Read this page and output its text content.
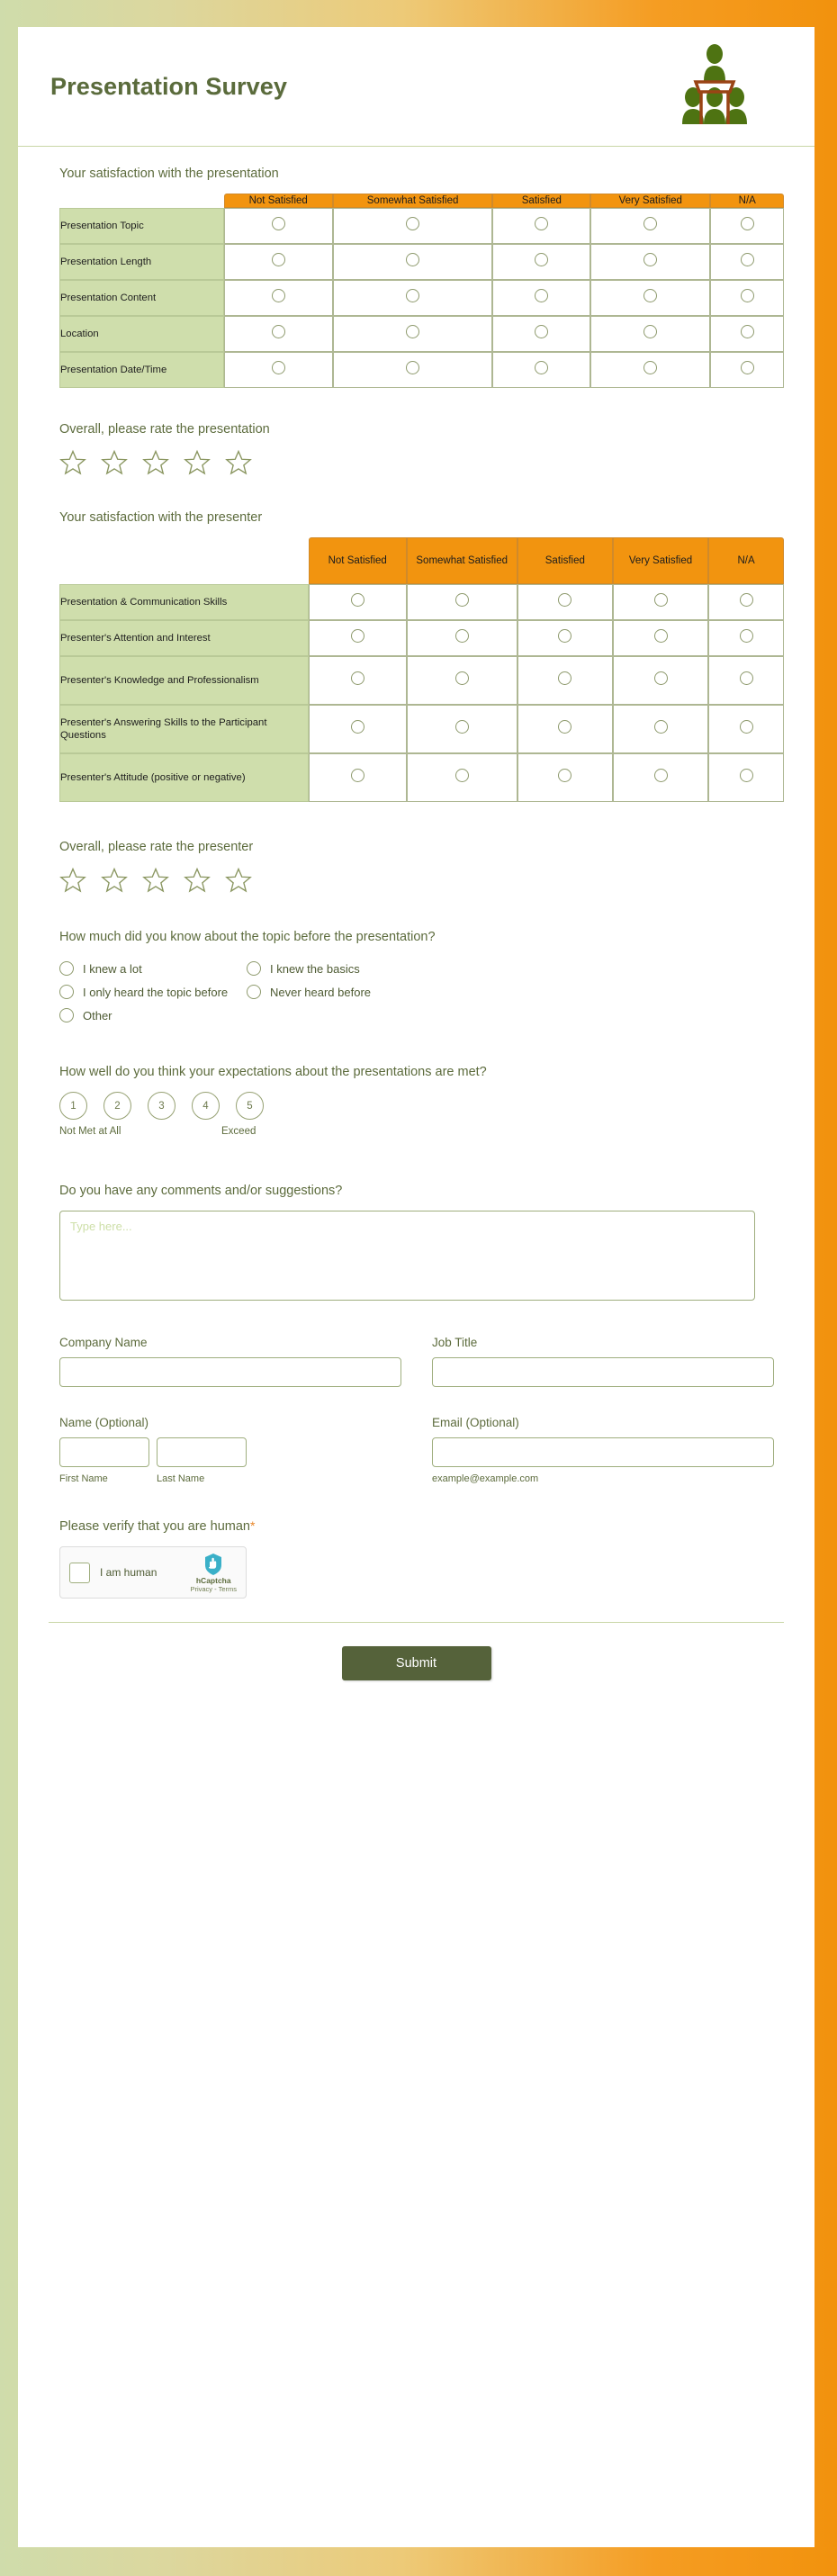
Presentation Survey

Your satisfaction with the presentation

	Not Satisfied	Somewhat Satisfied	Satisfied	Very Satisfied	N/A
Presentation Topic					
Presentation Length					
Presentation Content					
Location					
Presentation Date/Time					

Overall, please rate the presentation

Your satisfaction with the presenter

	Not Satisfied	Somewhat Satisfied	Satisfied	Very Satisfied	N/A
Presentation & Communication Skills					
Presenter's Attention and Interest					
Presenter's Knowledge and Professionalism					
Presenter's Answering Skills to the Participant Questions					
Presenter's Attitude (positive or negative)					

Overall, please rate the presenter

How much did you know about the topic before the presentation?

I knew a lot	I knew the basics
I only heard the topic before	Never heard before
Other

How well do you think your expectations about the presentations are met?

1	2	3	4	5
Not Met at All	Exceed

Do you have any comments and/or suggestions?

Type here...
Company Name	Job Title
Name (Optional)
First Name	Last Name
Email (Optional)
example@example.com

Please verify that you are human*

I am human
hCaptcha
Privacy - Terms
Submit
